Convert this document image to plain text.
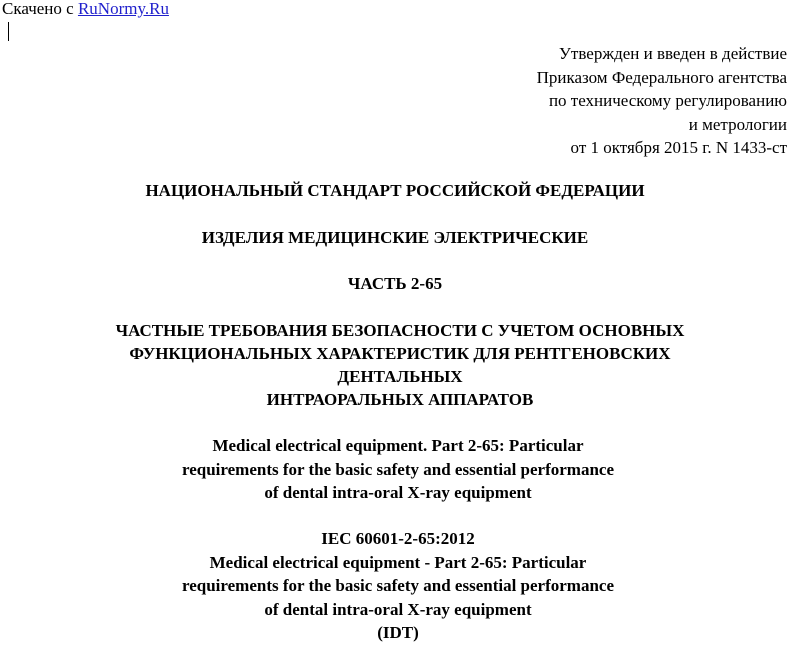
Скачено с RuNormy.Ru
Утвержден и введен в действие
Приказом Федерального агентства
по техническому регулированию
и метрологии
от 1 октября 2015 г. N 1433-ст
НАЦИОНАЛЬНЫЙ СТАНДАРТ РОССИЙСКОЙ ФЕДЕРАЦИИ
ИЗДЕЛИЯ МЕДИЦИНСКИЕ ЭЛЕКТРИЧЕСКИЕ
ЧАСТЬ 2-65
ЧАСТНЫЕ ТРЕБОВАНИЯ БЕЗОПАСНОСТИ С УЧЕТОМ ОСНОВНЫХ
ФУНКЦИОНАЛЬНЫХ ХАРАКТЕРИСТИК ДЛЯ РЕНТГЕНОВСКИХ
ДЕНТАЛЬНЫХ
ИНТРАОРАЛЬНЫХ АППАРАТОВ
Medical electrical equipment. Part 2-65: Particular
requirements for the basic safety and essential performance
of dental intra-oral X-ray equipment
IEC 60601-2-65:2012
Medical electrical equipment - Part 2-65: Particular
requirements for the basic safety and essential performance
of dental intra-oral X-ray equipment
(IDT)
